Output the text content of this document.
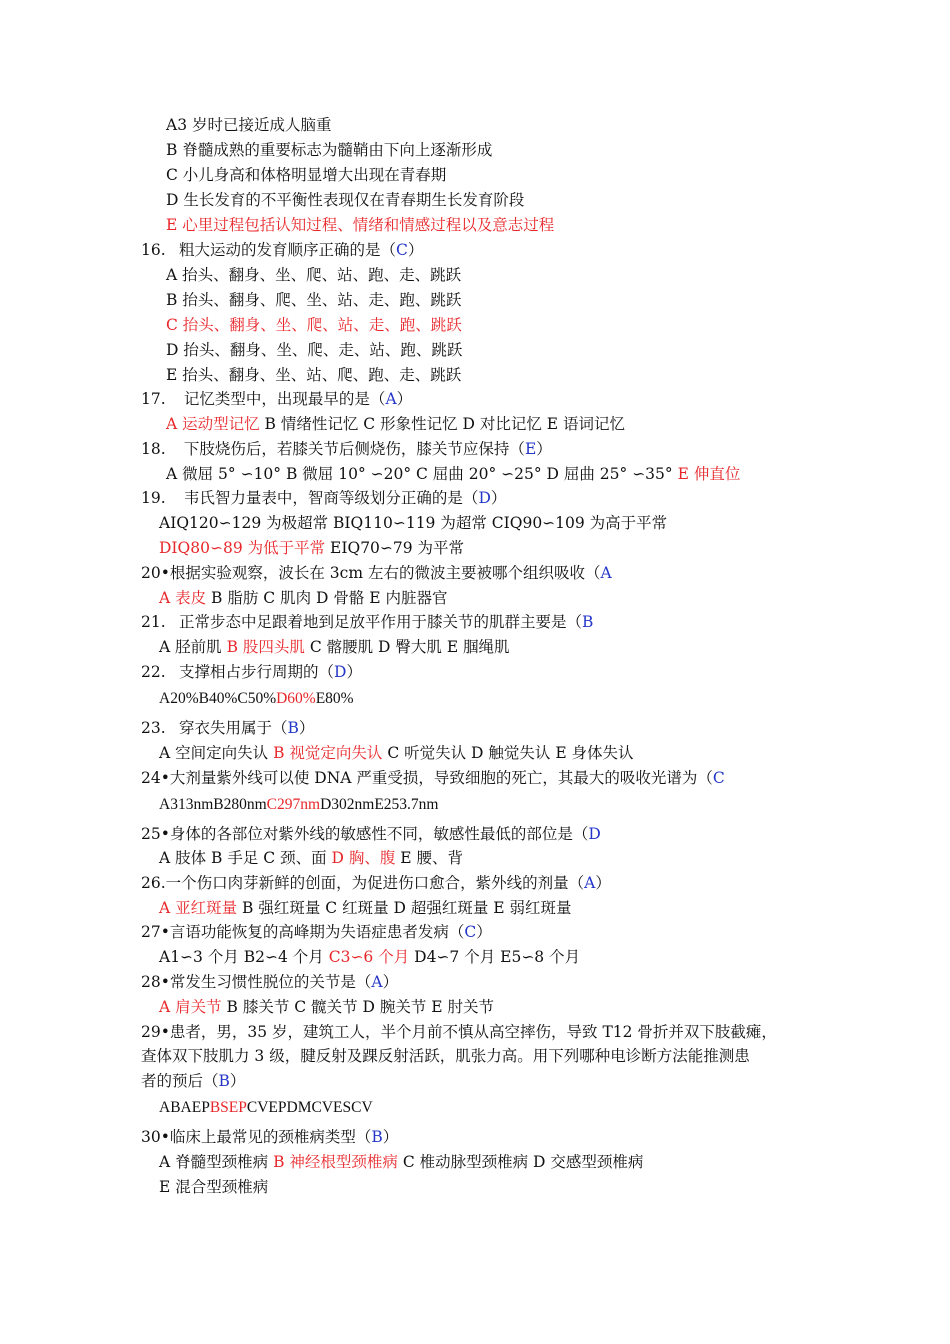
A3 岁时已接近成人脑重
B 脊髓成熟的重要标志为髓鞘由下向上逐渐形成
C 小儿身高和体格明显增大出现在青春期
D 生长发育的不平衡性表现仅在青春期生长发育阶段
E 心里过程包括认知过程、情绪和情感过程以及意志过程
16. 粗大运动的发育顺序正确的是（C）
A 抬头、翻身、坐、爬、站、跑、走、跳跃
B 抬头、翻身、爬、坐、站、走、跑、跳跃
C 抬头、翻身、坐、爬、站、走、跑、跳跃
D 抬头、翻身、坐、爬、走、站、跑、跳跃
E 抬头、翻身、坐、站、爬、跑、走、跳跃
17. 记忆类型中，出现最早的是（A）
A 运动型记忆 B 情绪性记忆 C 形象性记忆 D 对比记忆 E 语词记忆
18. 下肢烧伤后，若膝关节后侧烧伤，膝关节应保持（E）
A 微屈 5° ∽10° B 微屈 10° ∽20° C 屈曲 20° ∽25° D 屈曲 25° ∽35° E 伸直位
19. 韦氏智力量表中，智商等级划分正确的是（D）
AIQ120∽129 为极超常 BIQ110∽119 为超常 CIQ90∽109 为高于平常
DIQ80∽89 为低于平常 EIQ70∽79 为平常
20•根据实验观察，波长在 3cm 左右的微波主要被哪个组织吸收（A
A 表皮 B 脂肪 C 肌肉 D 骨骼 E 内脏器官
21. 正常步态中足跟着地到足放平作用于膝关节的肌群主要是（B
A 胫前肌 B 股四头肌 C 髂腰肌 D 臀大肌 E 腘绳肌
22. 支撑相占步行周期的（D）
A20%B40%C50%D60%E80%
23. 穿衣失用属于（B）
A 空间定向失认 B 视觉定向失认 C 听觉失认 D 触觉失认 E 身体失认
24•大剂量紫外线可以使 DNA 严重受损，导致细胞的死亡，其最大的吸收光谱为（C
A313nmB280nmC297nmD302nmE253.7nm
25•身体的各部位对紫外线的敏感性不同，敏感性最低的部位是（D
A 肢体 B 手足 C 颈、面 D 胸、腹 E 腰、背
26.一个伤口肉芽新鲜的创面，为促进伤口愈合，紫外线的剂量（A）
A 亚红斑量 B 强红斑量 C 红斑量 D 超强红斑量 E 弱红斑量
27•言语功能恢复的高峰期为失语症患者发病（C）
A1∽3 个月 B2∽4 个月 C3∽6 个月 D4∽7 个月 E5∽8 个月
28•常发生习惯性脱位的关节是（A）
A 肩关节 B 膝关节 C 髋关节 D 腕关节 E 肘关节
29•患者，男，35 岁，建筑工人，半个月前不慎从高空摔伤，导致 T12 骨折并双下肢截瘫，
查体双下肢肌力 3 级，腱反射及踝反射活跃，肌张力高。用下列哪种电诊断方法能推测患
者的预后（B）
ABAEPBSEPCVEPDMCVESCV
30•临床上最常见的颈椎病类型（B）
A 脊髓型颈椎病 B 神经根型颈椎病 C 椎动脉型颈椎病 D 交感型颈椎病
E 混合型颈椎病
